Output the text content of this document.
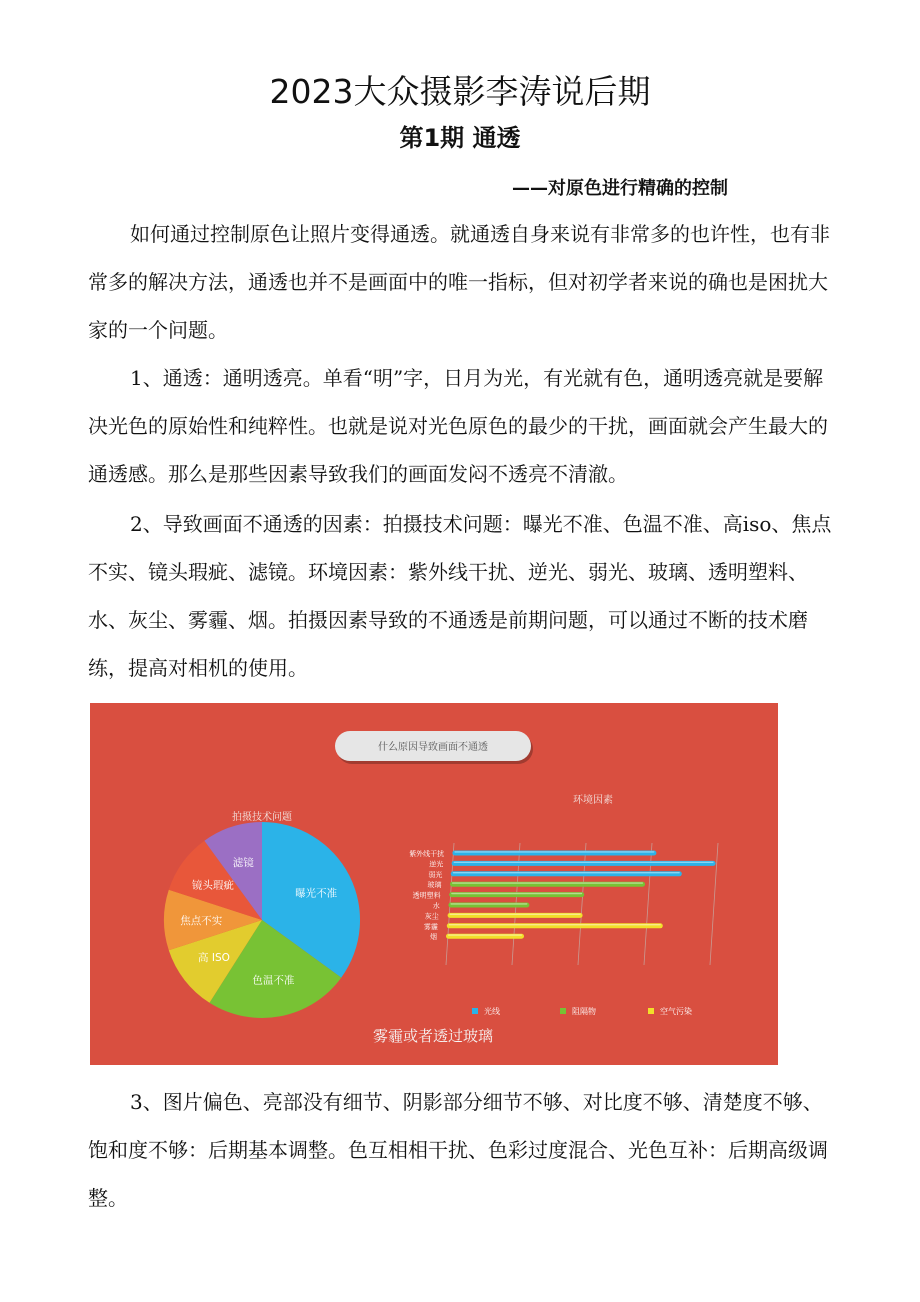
2023大众摄影李涛说后期
第1期 通透
——对原色进行精确的控制

如何通过控制原色让照片变得通透。就通透自身来说有非常多的也许性，也有非常多的解决方法，通透也并不是画面中的唯一指标，但对初学者来说的确也是困扰大家的一个问题。

1、通透：通明透亮。单看“明”字，日月为光，有光就有色，通明透亮就是要解决光色的原始性和纯粹性。也就是说对光色原色的最少的干扰，画面就会产生最大的通透感。那么是那些因素导致我们的画面发闷不透亮不清澈。

2、导致画面不通透的因素：拍摄技术问题：曝光不准、色温不准、高iso、焦点不实、镜头瑕疵、滤镜。环境因素：紫外线干扰、逆光、弱光、玻璃、透明塑料、水、灰尘、雾霾、烟。拍摄因素导致的不通透是前期问题，可以通过不断的技术磨练，提高对相机的使用。

什么原因导致画面不通透
拍摄技术问题
曝光不准
色温不准
高 ISO
焦点不实
镜头瑕疵
滤镜
环境因素
紫外线干扰
逆光
弱光
玻璃
透明塑料
水
灰尘
雾霾
烟
光线	阻隔物	空气污染
雾霾或者透过玻璃

3、图片偏色、亮部没有细节、阴影部分细节不够、对比度不够、清楚度不够、饱和度不够：后期基本调整。色互相相干扰、色彩过度混合、光色互补：后期高级调整。
